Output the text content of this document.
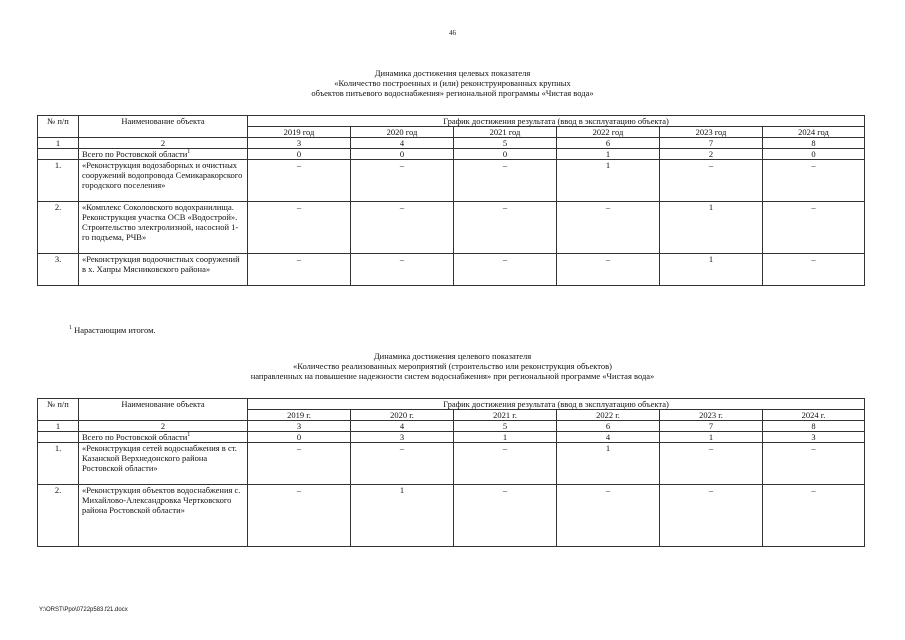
46
Динамика достижения целевых показателя
«Количество построенных и (или) реконструированных крупных
объектов питьевого водоснабжения» региональной программы «Чистая вода»
№ п/п	Наименование объекта	График достижения результата (ввод в эксплуатацию объекта)					
		2019 год	2020 год	2021 год	2022 год	2023 год	2024 год
1	2	3	4	5	6	7	8
	Всего по Ростовской области$^1$	0	0	0	1	2	0
1.	«Реконструкция водозаборных и очистных сооружений водопровода Семикаракорского городского поселения»	–	–	–	1	–	–
2.	«Комплекс Соколовского водохранилища. Реконструкция участка ОСВ «Водострой». Строительство электролизной, насосной 1-го подъема, РЧВ»	–	–	–	–	1	–
3.	«Реконструкция водоочистных сооружений в х. Хапры Мясниковского района»	–	–	–	–	1	–
$^1$ Нарастающим итогом.
Динамика достижения целевого показателя
«Количество реализованных мероприятий (строительство или реконструкция объектов)
направленных на повышение надежности систем водоснабжения» при региональной программе «Чистая вода»
№ п/п	Наименование объекта	График достижения результата (ввод в эксплуатацию объекта)					
		2019 г.	2020 г.	2021 г.	2022 г.	2023 г.	2024 г.
1	2	3	4	5	6	7	8
	Всего по Ростовской области$^1$	0	3	1	4	1	3
1.	«Реконструкция сетей водоснабжения в ст. Казанской Верхнедонского района Ростовской области»	–	–	–	1	–	–
2.	«Реконструкция объектов водоснабжения с. Михайлово-Александровка Чертковского района Ростовской области»	–	1	–	–	–	–
Y:\ORST\Ppo\0722p583.f21.docx
